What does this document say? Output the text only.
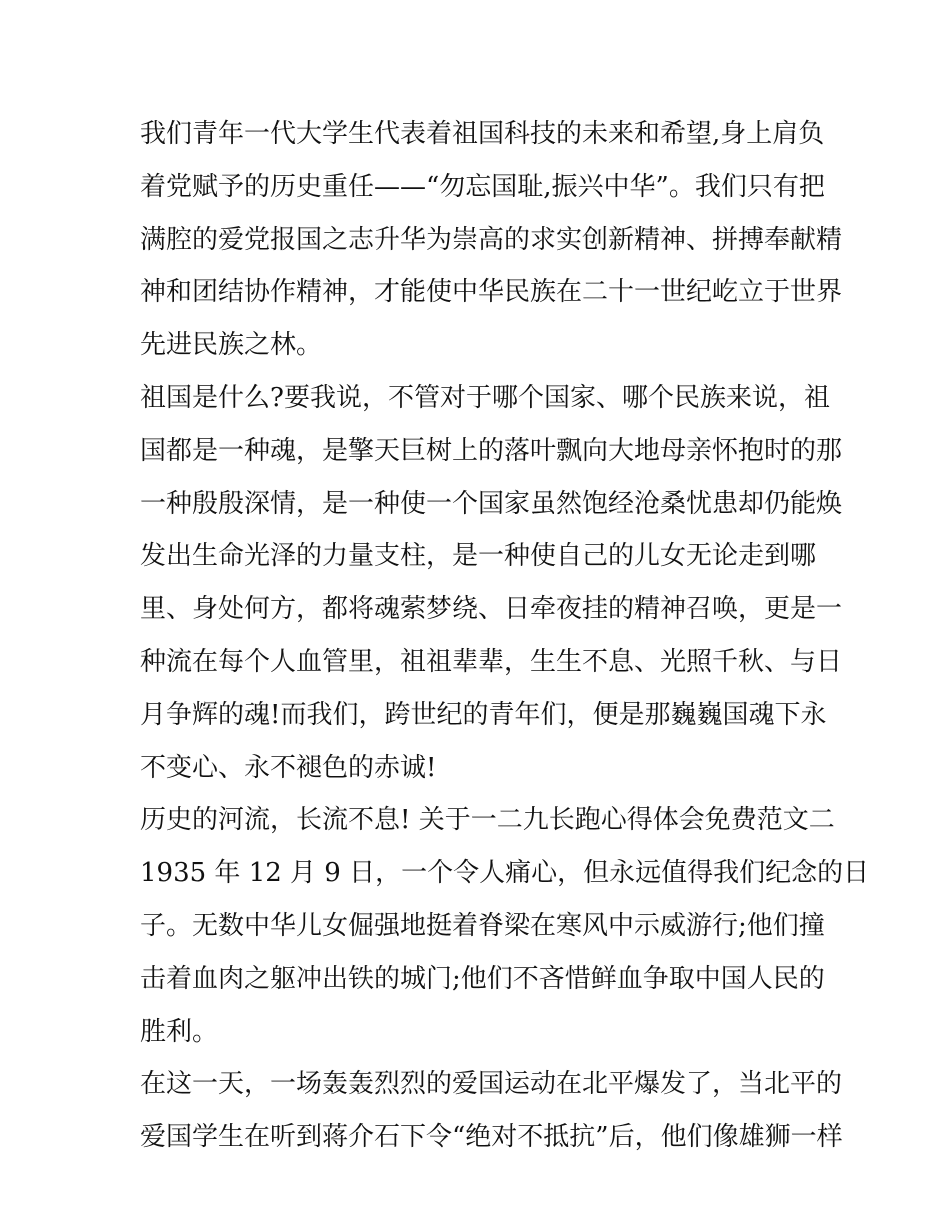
我们青年一代大学生代表着祖国科技的未来和希望,身上肩负
着党赋予的历史重任——“勿忘国耻,振兴中华”。我们只有把
满腔的爱党报国之志升华为崇高的求实创新精神、拼搏奉献精
神和团结协作精神，才能使中华民族在二十一世纪屹立于世界
先进民族之林。
祖国是什么?要我说，不管对于哪个国家、哪个民族来说，祖
国都是一种魂，是擎天巨树上的落叶飘向大地母亲怀抱时的那
一种殷殷深情，是一种使一个国家虽然饱经沧桑忧患却仍能焕
发出生命光泽的力量支柱，是一种使自己的儿女无论走到哪
里、身处何方，都将魂萦梦绕、日牵夜挂的精神召唤，更是一
种流在每个人血管里，祖祖辈辈，生生不息、光照千秋、与日
月争辉的魂!而我们，跨世纪的青年们，便是那巍巍国魂下永
不变心、永不褪色的赤诚!
历史的河流，长流不息! 关于一二九长跑心得体会免费范文二
1935 年 12 月 9 日，一个令人痛心，但永远值得我们纪念的日
子。无数中华儿女倔强地挺着脊梁在寒风中示威游行;他们撞
击着血肉之躯冲出铁的城门;他们不吝惜鲜血争取中国人民的
胜利。
在这一天，一场轰轰烈烈的爱国运动在北平爆发了，当北平的
爱国学生在听到蒋介石下令“绝对不抵抗”后，他们像雄狮一样
